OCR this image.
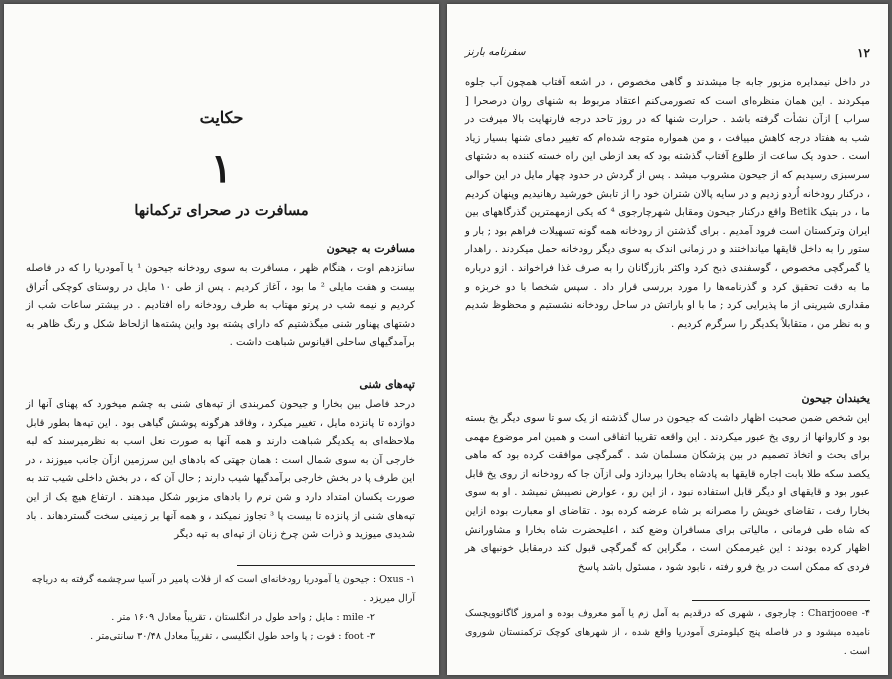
حکایت
۱
مسافرت در صحرای ترکمانها

مسافرت به جیحون

سانزدهم اوت ، هنگام ظهر ، مسافرت به سوی رودخانه جیحون ¹ یا آمودریا را که در فاصله بیست و هفت مایلی ² ما بود ، آغاز کردیم . پس از طی ۱۰ مایل در روستای کوچکی اُتراق کردیم و نیمه شب در پرتو مهتاب به طرف رودخانه راه افتادیم . در بیشتر ساعات شب از دشتهای پهناور شنی میگذشتیم که دارای پشته بود واین پشته‌ها ازلحاظ شکل و رنگ ظاهر به برآمدگیهای ساحلی اقیانوس شباهت داشت .

تپه‌های شنی

درحد فاصل بین بخارا و جیحون کمربندی از تپه‌های شنی به چشم میخورد که پهنای آنها از دوازده تا پانزده مایل ، تغییر میکرد ، وفاقد هرگونه پوشش گیاهی بود . این تپه‌ها بطور قابل ملاحظه‌ای به یکدیگر شباهت دارند و همه آنها به صورت نعل اسب به نظرمیرسند که لبه خارجی آن به سوی شمال است : همان جهتی که بادهای این سرزمین ازآن جانب میوزند ، در این طرف پا در بخش خارجی برآمدگیها شیب دارند ; حال آن که ، در بخش داخلی شیب تند به صورت یکسان امتداد دارد و شن نرم را بادهای مزبور شکل میدهند . ارتفاع هیچ یک از این تپه‌های شنی از پانزده تا بیست پا ³ تجاوز نمیکند ، و همه آنها بر زمینی سخت گستردهاند . باد شدیدی میوزید و ذرات شن چرخ زنان از تپه‌ای به تپه دیگر

Oxus -۱ : جیحون یا آمودریا رودخانه‌ای است که از فلات پامیر در آسیا سرچشمه گرفته به دریاچه آرال میریزد .

mile -۲ : مایل ; واحد طول در انگلستان ، تقریباً معادل ۱۶۰۹ متر .

foot -۳ : فوت ; پا واحد طول انگلیسی ، تقریباً معادل ۳۰/۴۸ سانتی‌متر .

۱۲
سفرنامه بارنز

در داخل نیمدایره مزبور جابه جا میشدند و گاهی مخصوص ، در اشعه آفتاب همچون آب جلوه میکردند . این همان منظره‌ای است که تصورمی‌کنم اعتقاد مربوط به شنهای روان درصحرا [ سراب ] ازآن نشأت گرفته باشد . حرارت شنها که در روز تاحد درجه فارنهایت بالا میرفت در شب به هفتاد درجه کاهش مییافت ، و من همواره متوجه شده‌ام که تغییر دمای شنها بسیار زیاد است . حدود یک ساعت از طلوع آفتاب گذشته بود که بعد ازطی این راه خسته کننده به دشتهای سرسبزی رسیدیم که از جیحون مشروب میشد . پس از گردش در حدود چهار مایل در این حوالی ، درکنار رودخانه اُردو زدیم و در سایه پالان شتران خود را از تابش خورشید رهانیدیم وپنهان کردیم ما ، در بتیک Betik واقع درکنار جیحون ومقابل شهرچارجوی ⁴ که یکی ازمهمترین گذرگاههای بین ایران وترکستان است فرود آمدیم . برای گذشتن از رودخانه همه گونه تسهیلات فراهم بود ; بار و ستور را به داخل قایقها میانداختند و در زمانی اندک به سوی دیگر رودخانه حمل میکردند . راهدار یا گمرگچی مخصوص ، گوسفندی ذبح کرد واکثر بازرگانان را به صرف غذا فراخواند . ازو درباره ما به دقت تحقیق کرد و گذرنامه‌ها را مورد بررسی قرار داد . سپس شخصا با دو خربزه و مقداری شیرینی از ما پذیرایی کرد ; ما با او باراتش در ساحل رودخانه نشستیم و محظوظ شدیم و به نظر من ، متقابلاً یکدیگر را سرگرم کردیم .

یخبندان جیحون

این شخص ضمن صحبت اظهار داشت که جیحون در سال گذشته از یک سو تا سوی دیگر یخ بسته بود و کاروانها از روی یخ عبور میکردند . این واقعه تقریبا اتفاقی است و همین امر موضوع مهمی برای بحث و اتخاذ تصمیم در بین پزشکان مسلمان شد . گمرگچی موافقت کرده بود که ماهی یکصد سکه طلا بابت اجاره قایقها به پادشاه بخارا بپردازد ولی ازآن جا که رودخانه از روی یخ قابل عبور بود و قایقهای او دیگر قابل استفاده نبود ، از این رو ، عوارض نصیبش نمیشد . او به سوی بخارا رفت ، تقاضای خویش را مصرانه بر شاه عرضه کرده بود . تقاضای او معبارت بوده ازاین که شاه طی فرمانی ، مالیاتی برای مسافران وضع کند ، اعلیحضرت شاه بخارا و مشاورانش اظهار کرده بودند : این غیرممکن است ، مگراین که گمرگچی قبول کند درمقابل خونبهای هر فردی که ممکن است در یخ فرو رفته ، نابود شود ، مسئول باشد پاسخ

Charjooee -۴ : چارجوی ، شهری که درقدیم به آمل زم یا آمو معروف بوده و امروز گاگانوویچسک نامیده میشود و در فاصله پنج کیلومتری آمودریا واقع شده ، از شهرهای کوچک ترکمنستان شوروی است .
